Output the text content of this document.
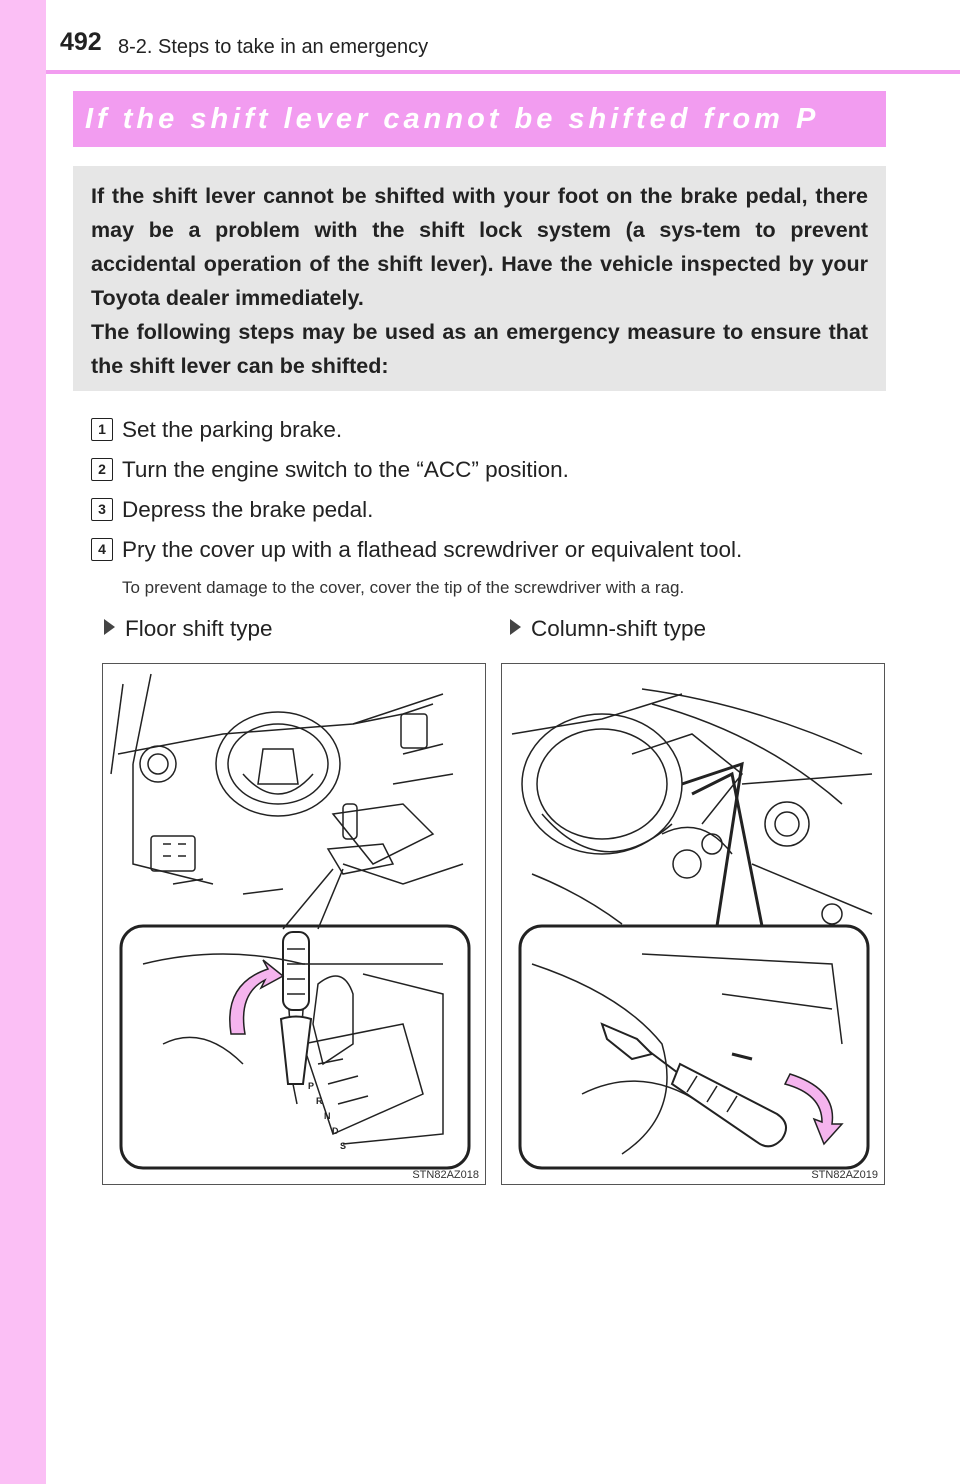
492 8-2. Steps to take in an emergency
If the shift lever cannot be shifted from P

If the shift lever cannot be shifted with your foot on the brake pedal, there may be a problem with the shift lock system (a sys-tem to prevent accidental operation of the shift lever). Have the vehicle inspected by your Toyota dealer immediately.

The following steps may be used as an emergency measure to ensure that the shift lever can be shifted:

1 Set the parking brake.
2 Turn the engine switch to the “ACC” position.
3 Depress the brake pedal.
4 Pry the cover up with a flathead screwdriver or equivalent tool.
To prevent damage to the cover, cover the tip of the screwdriver with a rag.
Floor shift type	Column-shift type
P
R
N
D
S
STN82AZ018	STN82AZ019
